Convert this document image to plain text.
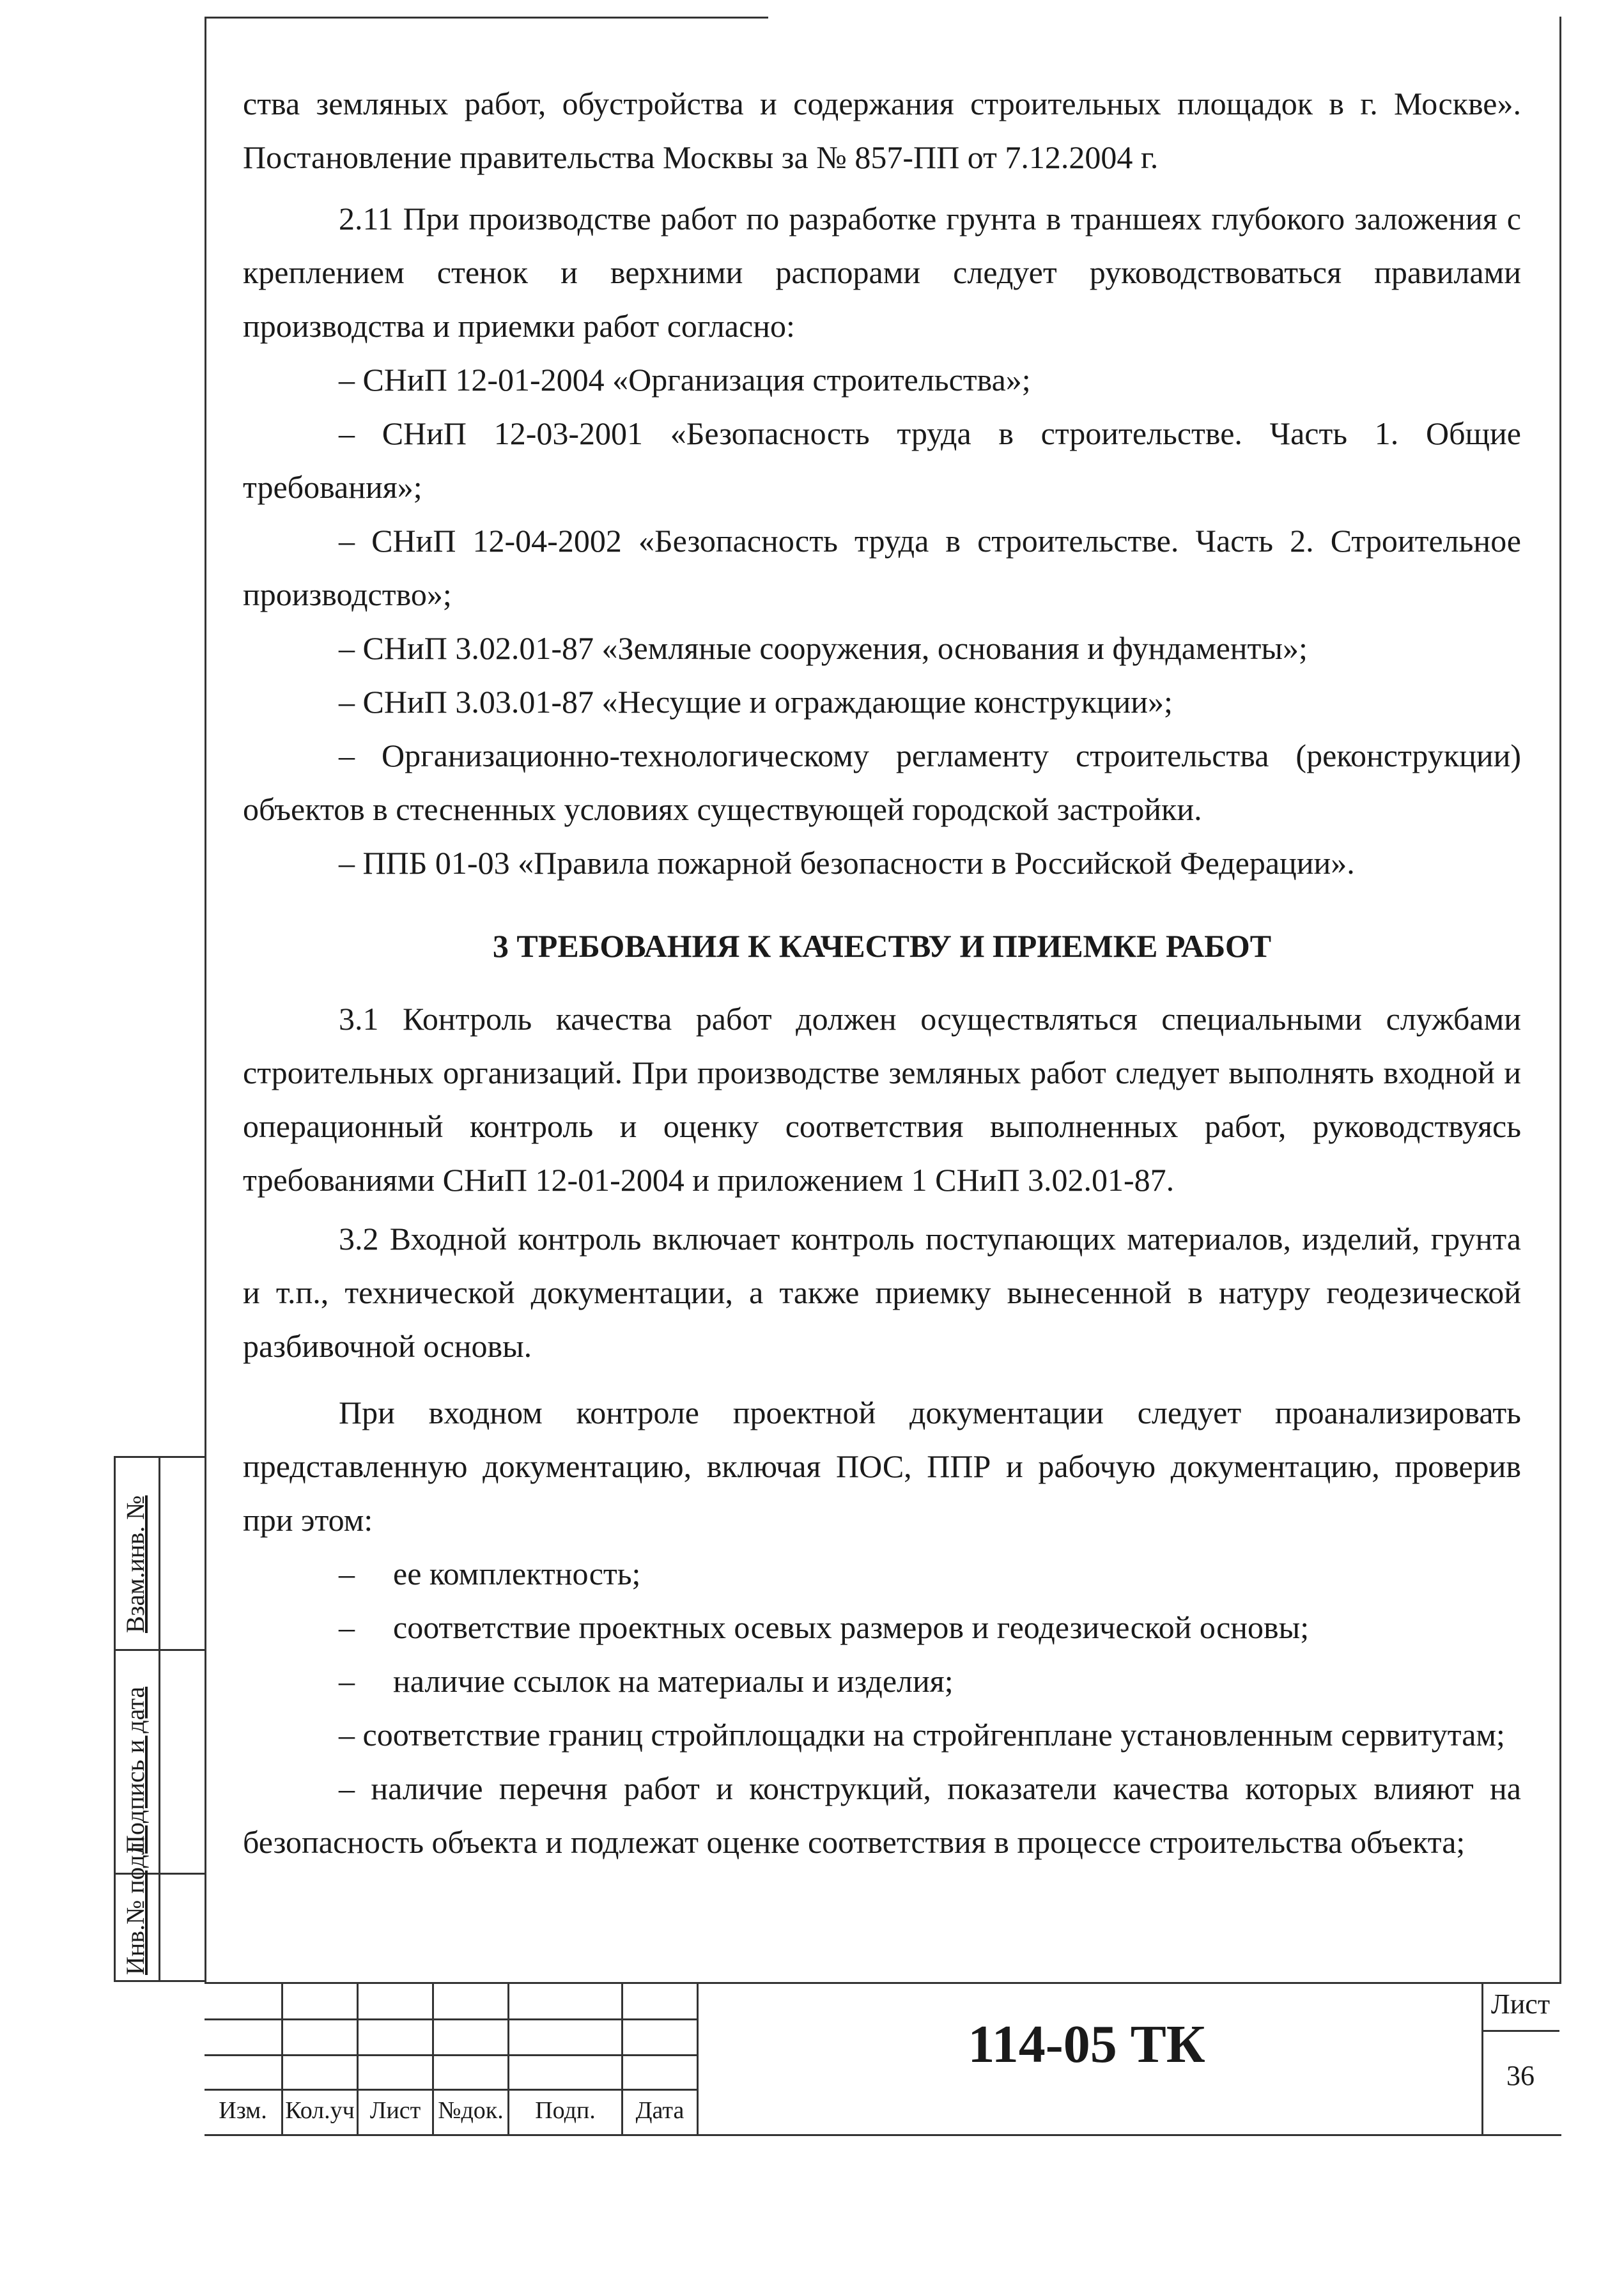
ства земляных работ, обустройства и содержания строительных площадок в г. Москве». Постановление правительства Москвы за № 857-ПП от 7.12.2004 г.

2.11 При производстве работ по разработке грунта в траншеях глубокого заложения с креплением стенок и верхними распорами следует руководствоваться правилами производства и приемки работ согласно:

– СНиП 12-01-2004 «Организация строительства»;

– СНиП 12-03-2001 «Безопасность труда в строительстве. Часть 1. Общие требования»;

– СНиП 12-04-2002 «Безопасность труда в строительстве. Часть 2. Строительное производство»;

– СНиП 3.02.01-87 «Земляные сооружения, основания и фундаменты»;

– СНиП 3.03.01-87 «Несущие и ограждающие конструкции»;

– Организационно-технологическому регламенту строительства (реконструкции) объектов в стесненных условиях существующей городской застройки.

– ППБ 01-03 «Правила пожарной безопасности в Российской Федерации».

3 ТРЕБОВАНИЯ К КАЧЕСТВУ И ПРИЕМКЕ РАБОТ

3.1 Контроль качества работ должен осуществляться специальными службами строительных организаций. При производстве земляных работ следует выполнять входной и операционный контроль и оценку соответствия выполненных работ, руководствуясь требованиями СНиП 12-01-2004 и приложением 1 СНиП 3.02.01-87.

3.2 Входной контроль включает контроль поступающих материалов, изделий, грунта и т.п., технической документации, а также приемку вынесенной в натуру геодезической разбивочной основы.

При входном контроле проектной документации следует проанализировать представленную документацию, включая ПОС, ППР и рабочую документацию, проверив при этом:

– ее комплектность;

– соответствие проектных осевых размеров и геодезической основы;

– наличие ссылок на материалы и изделия;

– соответствие границ стройплощадки на стройгенплане установленным сервитутам;

– наличие перечня работ и конструкций, показатели качества которых влияют на безопасность объекта и подлежат оценке соответствия в процессе строительства объекта;

Взам.инв. №
Подпись и дата
Инв.№ подл.
Изм. Кол.уч Лист №док.	Подп.	Дата
114-05 ТК
Лист
36
